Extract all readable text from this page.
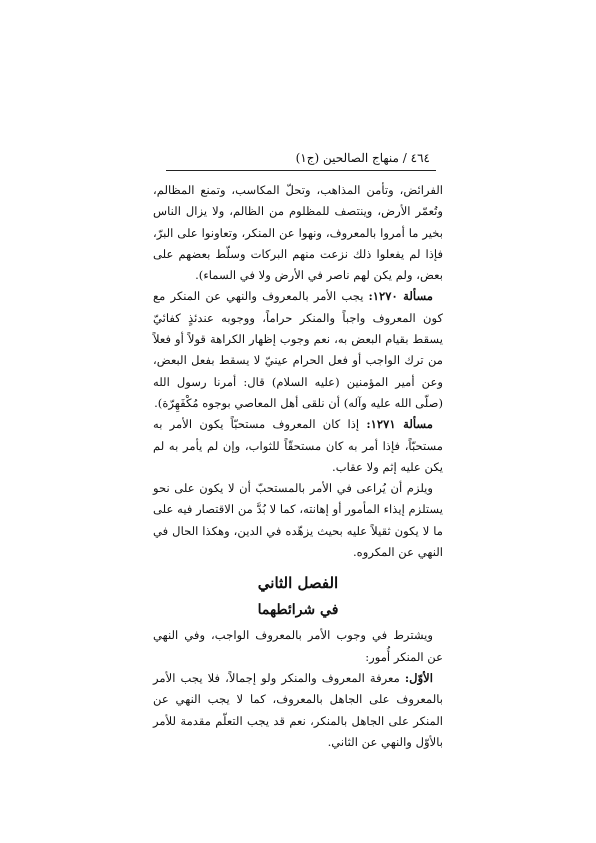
٤٦٤ / منهاج الصالحين (ج١)

الفرائض، وتأمن المذاهب، وتحلّ المكاسب، وتمنع المظالم، وتُعمّر الأرض، وينتصف للمظلوم من الظالم، ولا يزال الناس بخير ما أمروا بالمعروف، ونهوا عن المنكر، وتعاونوا على البرّ، فإذا لم يفعلوا ذلك نزعت منهم البركات وسلّط بعضهم على بعض، ولم يكن لهم ناصر في الأرض ولا في السماء).

مسألة ١٢٧٠: يجب الأمر بالمعروف والنهي عن المنكر مع كون المعروف واجباً والمنكر حراماً، ووجوبه عندئذٍ كفائيّ يسقط بقيام البعض به، نعم وجوب إظهار الكراهة قولاً أو فعلاً من ترك الواجب أو فعل الحرام عينيّ لا يسقط بفعل البعض، وعن أمير المؤمنين (عليه السلام) قال: أمرنا رسول الله (صلّى الله عليه وآله) أن نلقى أهل المعاصي بوجوه مُكْفَهِرّة).

مسألة ١٢٧١: إذا كان المعروف مستحبّاً يكون الأمر به مستحبّاً، فإذا أمر به كان مستحقّاً للثواب، وإن لم يأمر به لم يكن عليه إثم ولا عقاب.

ويلزم أن يُراعى في الأمر بالمستحبّ أن لا يكون على نحو يستلزم إيذاء المأمور أو إهانته، كما لا بُدَّ من الاقتصار فيه على ما لا يكون ثقيلاً عليه بحيث يزهّده في الدين، وهكذا الحال في النهي عن المكروه.

الفصل الثاني
في شرائطهما

ويشترط في وجوب الأمر بالمعروف الواجب، وفي النهي عن المنكر أُمور:

الأوّل: معرفة المعروف والمنكر ولو إجمالاً، فلا يجب الأمر بالمعروف على الجاهل بالمعروف، كما لا يجب النهي عن المنكر على الجاهل بالمنكر، نعم قد يجب التعلّم مقدمة للأمر بالأوّل والنهي عن الثاني.
